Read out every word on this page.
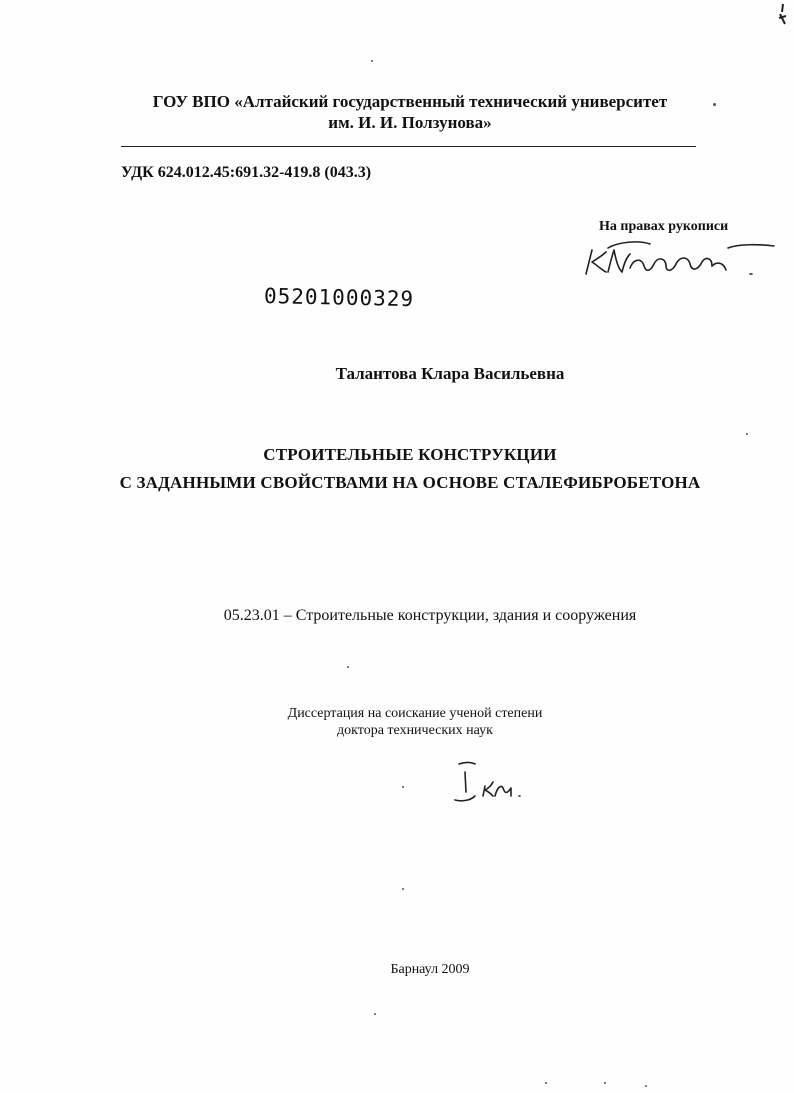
ГОУ ВПО «Алтайский государственный технический университет
им. И. И. Ползунова»
УДК 624.012.45:691.32-419.8 (043.3)
На правах рукописи
05201000329
Талантова Клара Васильевна
СТРОИТЕЛЬНЫЕ КОНСТРУКЦИИ
С ЗАДАННЫМИ СВОЙСТВАМИ НА ОСНОВЕ СТАЛЕФИБРОБЕТОНА
05.23.01 – Строительные конструкции, здания и сооружения
Диссертация на соискание ученой степени
доктора технических наук
Барнаул 2009
